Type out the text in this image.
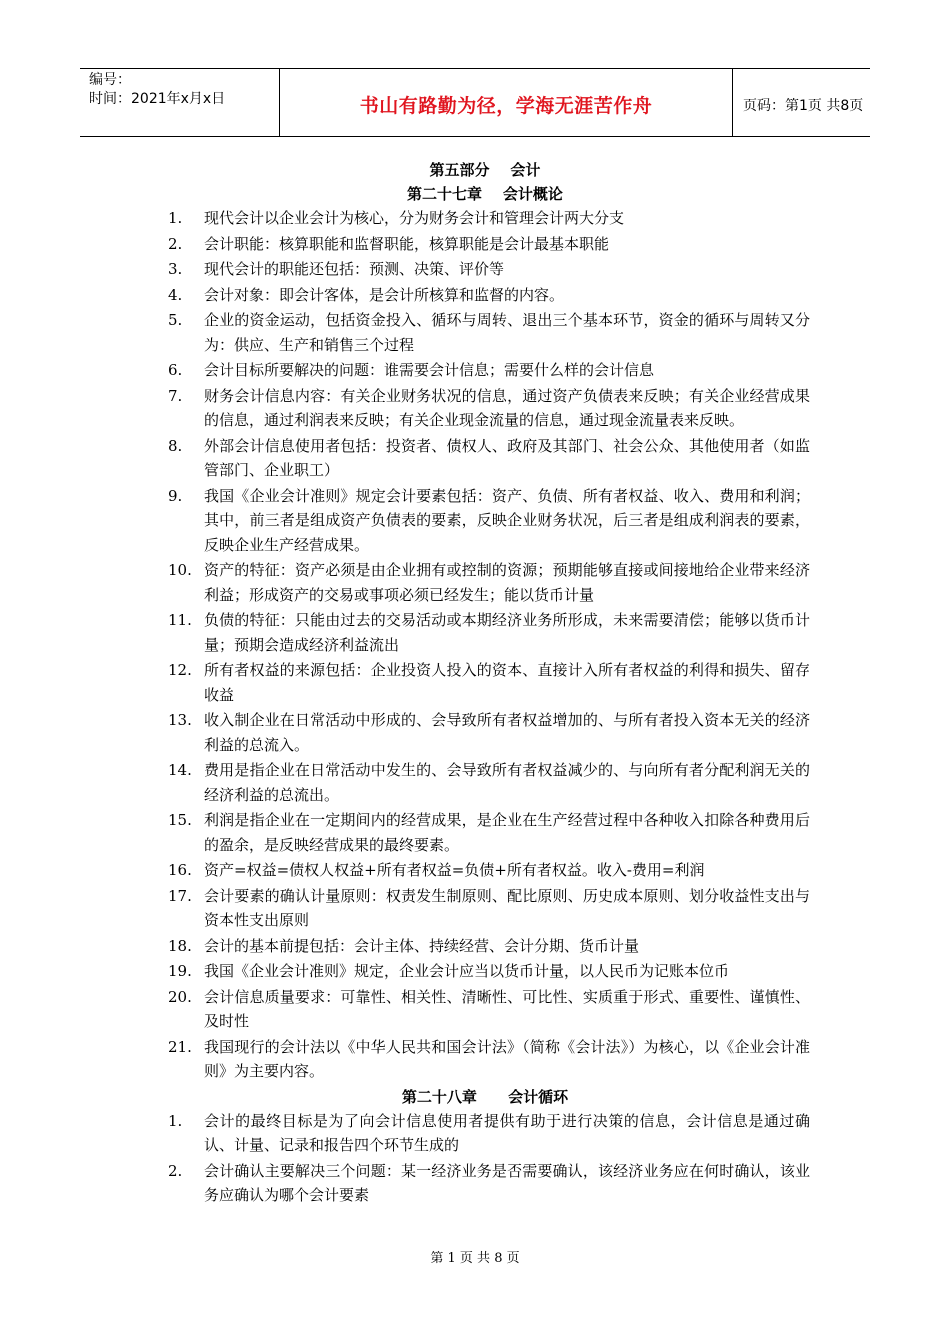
编号：
时间：2021年x月x日	书山有路勤为径，学海无涯苦作舟	页码：第1页 共8页
第五部分    会计
第二十七章    会计概论
1. 现代会计以企业会计为核心，分为财务会计和管理会计两大分支
2. 会计职能：核算职能和监督职能，核算职能是会计最基本职能
3. 现代会计的职能还包括：预测、决策、评价等
4. 会计对象：即会计客体，是会计所核算和监督的内容。
5. 企业的资金运动，包括资金投入、循环与周转、退出三个基本环节，资金的循环与周转又分为：供应、生产和销售三个过程
6. 会计目标所要解决的问题：谁需要会计信息；需要什么样的会计信息
7. 财务会计信息内容：有关企业财务状况的信息，通过资产负债表来反映；有关企业经营成果的信息，通过利润表来反映；有关企业现金流量的信息，通过现金流量表来反映。
8. 外部会计信息使用者包括：投资者、债权人、政府及其部门、社会公众、其他使用者（如监管部门、企业职工）
9. 我国《企业会计准则》规定会计要素包括：资产、负债、所有者权益、收入、费用和利润；其中，前三者是组成资产负债表的要素，反映企业财务状况，后三者是组成利润表的要素，反映企业生产经营成果。
10. 资产的特征：资产必须是由企业拥有或控制的资源；预期能够直接或间接地给企业带来经济利益；形成资产的交易或事项必须已经发生；能以货币计量
11. 负债的特征：只能由过去的交易活动或本期经济业务所形成，未来需要清偿；能够以货币计量；预期会造成经济利益流出
12. 所有者权益的来源包括：企业投资人投入的资本、直接计入所有者权益的利得和损失、留存收益
13. 收入制企业在日常活动中形成的、会导致所有者权益增加的、与所有者投入资本无关的经济利益的总流入。
14. 费用是指企业在日常活动中发生的、会导致所有者权益减少的、与向所有者分配利润无关的经济利益的总流出。
15. 利润是指企业在一定期间内的经营成果，是企业在生产经营过程中各种收入扣除各种费用后的盈余，是反映经营成果的最终要素。
16. 资产=权益=债权人权益+所有者权益=负债+所有者权益。收入-费用=利润
17. 会计要素的确认计量原则：权责发生制原则、配比原则、历史成本原则、划分收益性支出与资本性支出原则
18. 会计的基本前提包括：会计主体、持续经营、会计分期、货币计量
19. 我国《企业会计准则》规定，企业会计应当以货币计量，以人民币为记账本位币
20. 会计信息质量要求：可靠性、相关性、清晰性、可比性、实质重于形式、重要性、谨慎性、及时性
21. 我国现行的会计法以《中华人民共和国会计法》（简称《会计法》）为核心，以《企业会计准则》为主要内容。
第二十八章      会计循环
1. 会计的最终目标是为了向会计信息使用者提供有助于进行决策的信息，会计信息是通过确认、计量、记录和报告四个环节生成的
2. 会计确认主要解决三个问题：某一经济业务是否需要确认，该经济业务应在何时确认，该业务应确认为哪个会计要素
第 1 页 共 8 页
